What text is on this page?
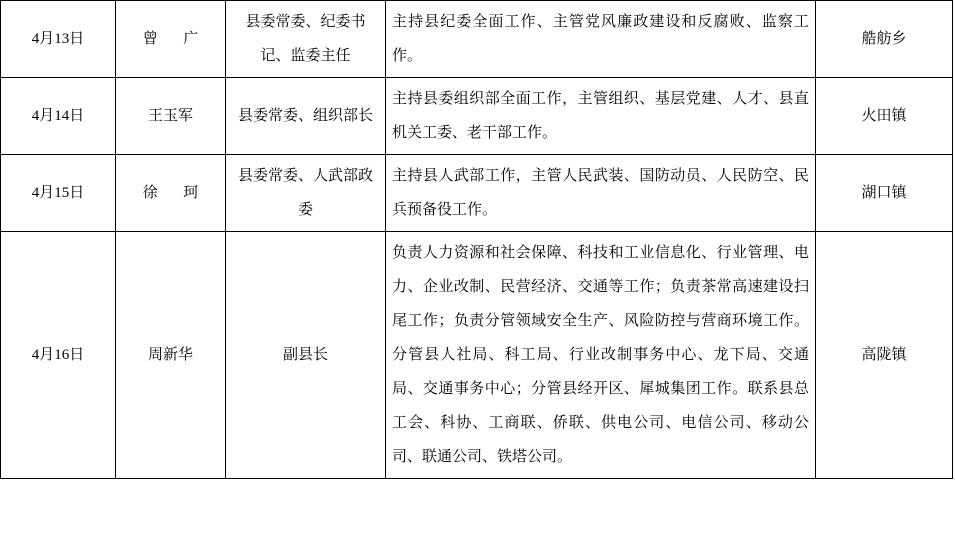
4月13日	曾　广	县委常委、纪委书记、监委主任	主持县纪委全面工作、主管党风廉政建设和反腐败、监察工作。	艁舫乡
4月14日	王玉军	县委常委、组织部长	主持县委组织部全面工作，主管组织、基层党建、人才、县直机关工委、老干部工作。	火田镇
4月15日	徐　珂	县委常委、人武部政委	主持县人武部工作，主管人民武装、国防动员、人民防空、民兵预备役工作。	湖口镇
4月16日	周新华	副县长	负责人力资源和社会保障、科技和工业信息化、行业管理、电力、企业改制、民营经济、交通等工作；负责茶常高速建设扫尾工作；负责分管领域安全生产、风险防控与营商环境工作。分管县人社局、科工局、行业改制事务中心、龙下局、交通局、交通事务中心；分管县经开区、犀城集团工作。联系县总工会、科协、工商联、侨联、供电公司、电信公司、移动公司、联通公司、铁塔公司。	高陇镇
